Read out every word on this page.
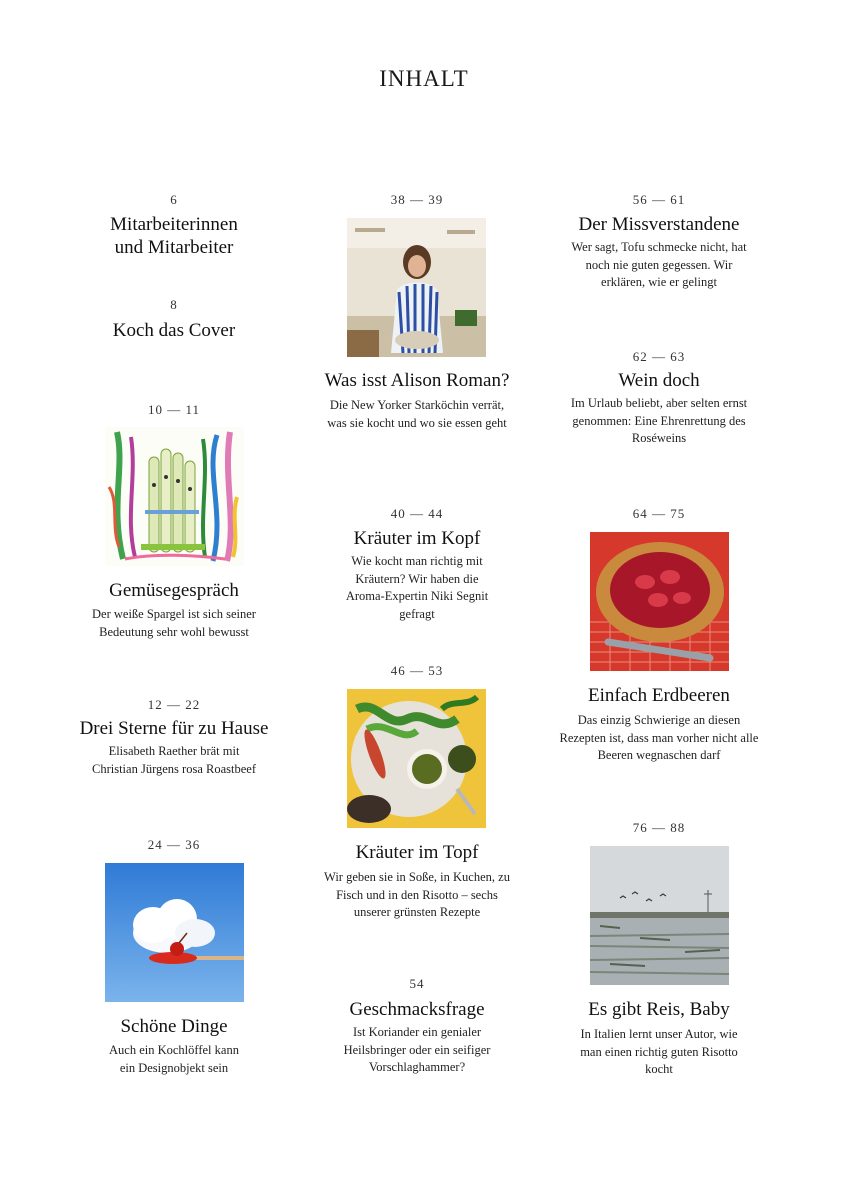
INHALT
6
Mitarbeiterinnen und Mitarbeiter
8
Koch das Cover
10 — 11
Gemüsegespräch
Der weiße Spargel ist sich seiner Bedeutung sehr wohl bewusst
12 — 22
Drei Sterne für zu Hause
Elisabeth Raether brät mit Christian Jürgens rosa Roastbeef
24 — 36
Schöne Dinge
Auch ein Kochlöffel kann ein Designobjekt sein
38 — 39
Was isst Alison Roman?
Die New Yorker Starköchin verrät, was sie kocht und wo sie essen geht
40 — 44
Kräuter im Kopf
Wie kocht man richtig mit Kräutern? Wir haben die Aroma-Expertin Niki Segnit gefragt
46 — 53
Kräuter im Topf
Wir geben sie in Soße, in Kuchen, zu Fisch und in den Risotto – sechs unserer grünsten Rezepte
54
Geschmacksfrage
Ist Koriander ein genialer Heilsbringer oder ein seifiger Vorschlaghammer?
56 — 61
Der Missverstandene
Wer sagt, Tofu schmecke nicht, hat noch nie guten gegessen. Wir erklären, wie er gelingt
62 — 63
Wein doch
Im Urlaub beliebt, aber selten ernst genommen: Eine Ehrenrettung des Roséweins
64 — 75
Einfach Erdbeeren
Das einzig Schwierige an diesen Rezepten ist, dass man vorher nicht alle Beeren wegnaschen darf
76 — 88
Es gibt Reis, Baby
In Italien lernt unser Autor, wie man einen richtig guten Risotto kocht
